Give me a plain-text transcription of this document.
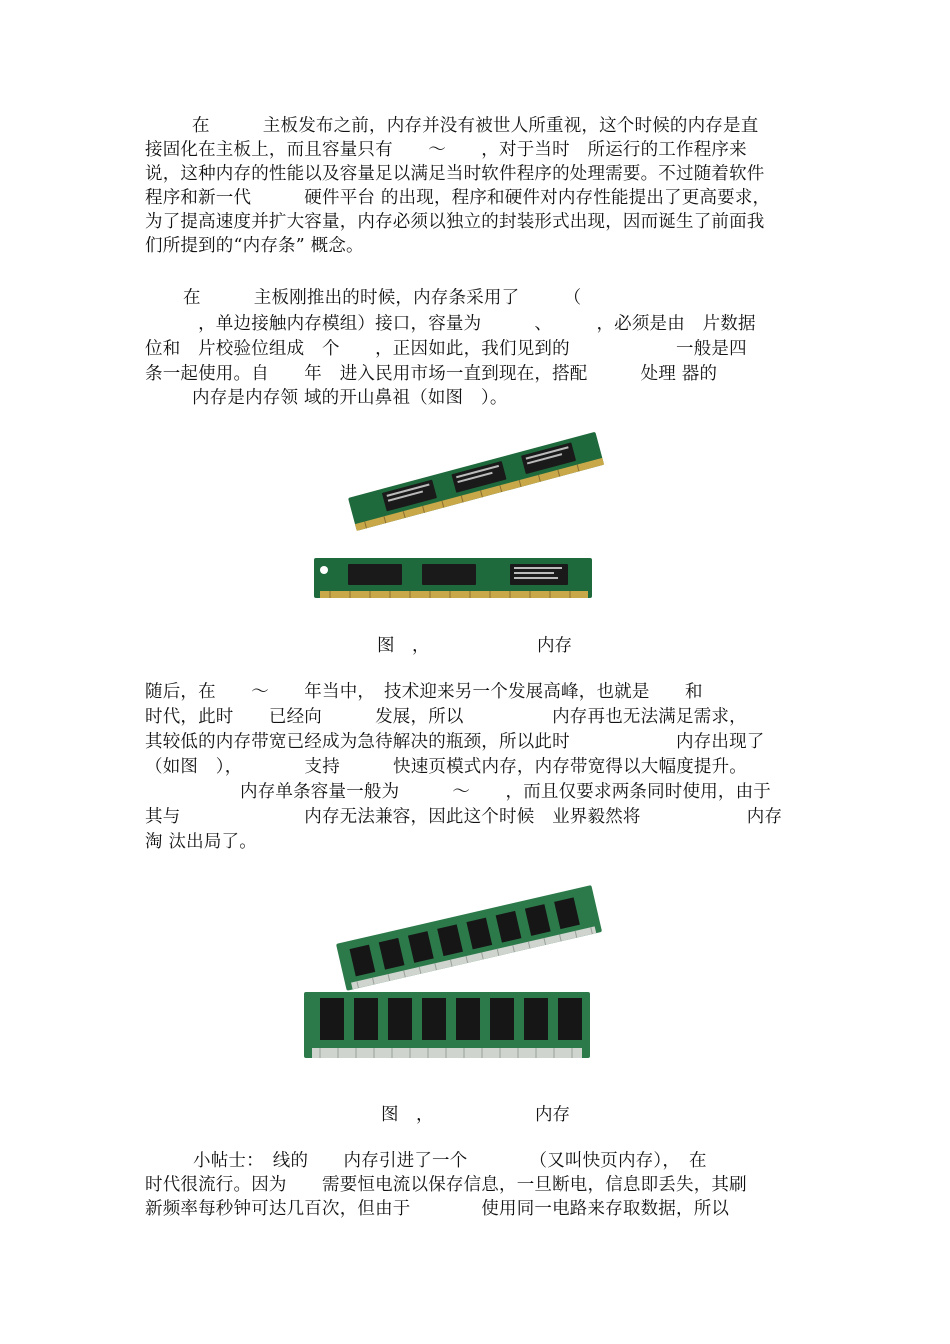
在　　　主板发布之前，内存并没有被世人所重视，这个时候的内存是直
接固化在主板上，而且容量只有　　～　　，对于当时　所运行的工作程序来
说，这种内存的性能以及容量足以满足当时软件程序的处理需要。不过随着软件
程序和新一代　　　硬件平台 的出现，程序和硬件对内存性能提出了更高要求，
为了提高速度并扩大容量，内存必须以独立的封装形式出现，因而诞生了前面我
们所提到的“内存条” 概念。
在　　　主板刚推出的时候，内存条采用了　　　（
　　　，单边接触内存模组）接口，容量为　　　、　　　，必须是由　片数据
位和　片校验位组成　个　　，正因如此，我们见到的　　　　　　一般是四
条一起使用。自　　年　进入民用市场一直到现在，搭配　　　处理 器的
内存是内存领 域的开山鼻祖（如图　）。
图　，	内存
随后，在　　～　　年当中，　技术迎来另一个发展高峰，也就是　　和
时代，此时　　已经向　　　发展，所以　　　　　内存再也无法满足需求，
其较低的内存带宽已经成为急待解决的瓶颈，所以此时　　　　　　内存出现了
（如图　），　　　　支持　　　快速页模式内存，内存带宽得以大幅度提升。
内存单条容量一般为　　　～　　，而且仅要求两条同时使用，由于
其与　　　　　　　内存无法兼容，因此这个时候　业界毅然将　　　　　　内存
淘 汰出局了。
图　，	内存
小帖士：　线的　　内存引进了一个　　　　（又叫快页内存），　在
时代很流行。因为　　需要恒电流以保存信息，一旦断电，信息即丢失，其刷
新频率每秒钟可达几百次，但由于　　　　使用同一电路来存取数据，所以
